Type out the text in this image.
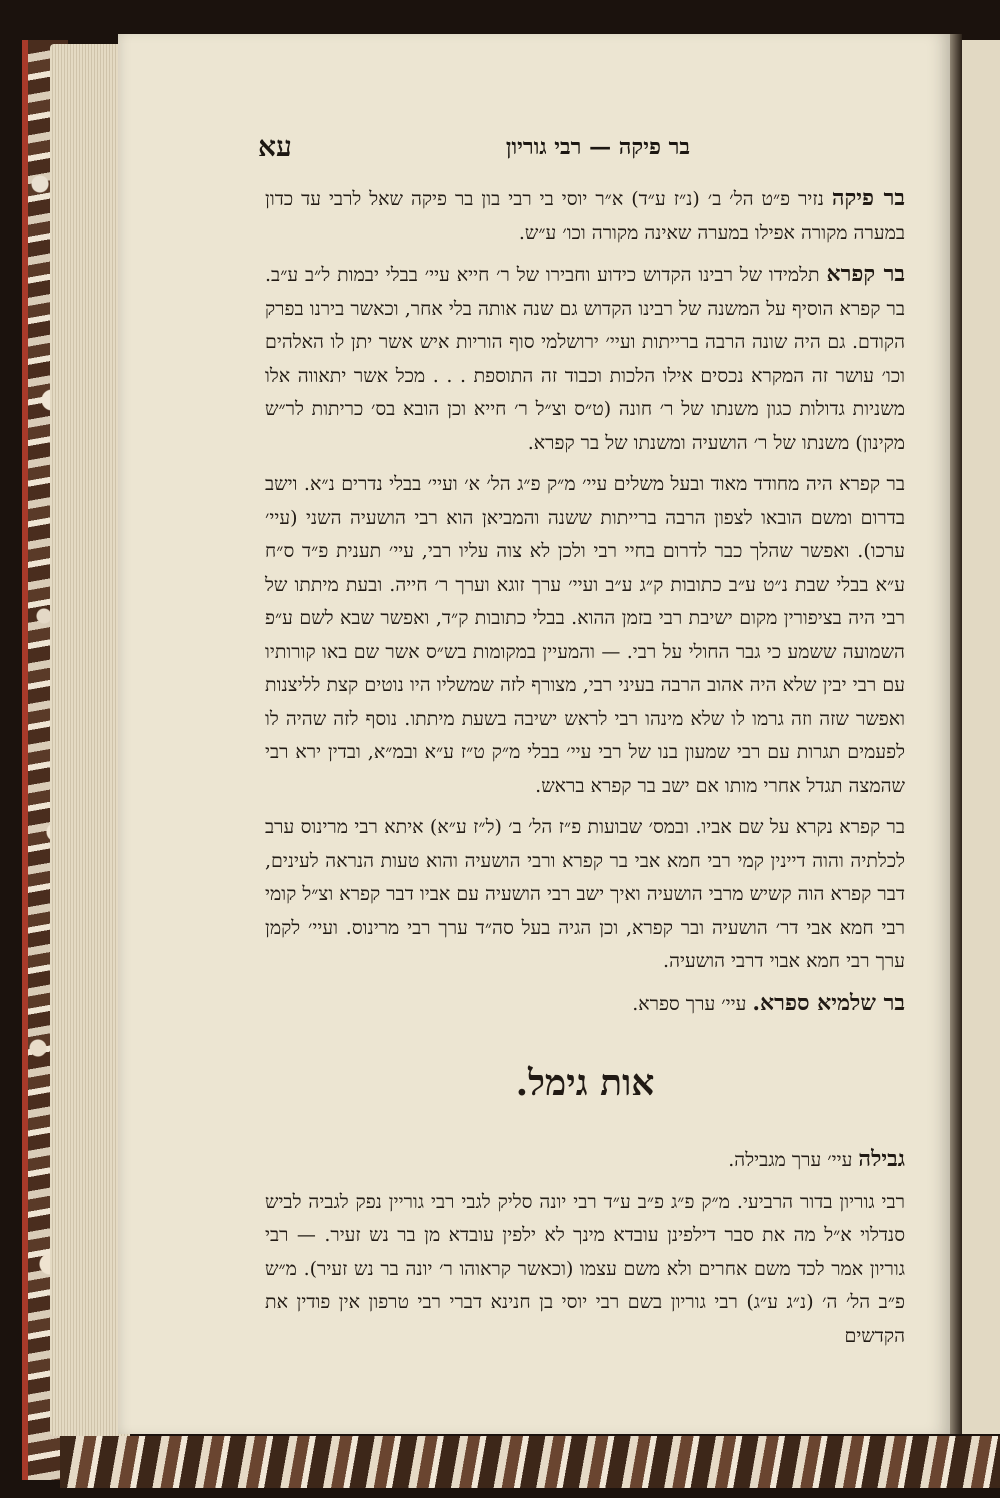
בר פיקה — רבי גוריון
עא

בר פיקה נזיר פ״ט הל׳ ב׳ (נ״ז ע״ד) א״ר יוסי בי רבי בון בר פיקה שאל לרבי עד כדון במערה מקורה אפילו במערה שאינה מקורה וכו׳ ע״ש.

בר קפרא תלמידו של רבינו הקדוש כידוע וחבירו של ר׳ חייא עיי׳ בבלי יבמות ל״ב ע״ב. בר קפרא הוסיף על המשנה של רבינו הקדוש גם שנה אותה בלי אחר, וכאשר בירנו בפרק הקודם. גם היה שונה הרבה ברייתות ועיי׳ ירושלמי סוף הוריות איש אשר יתן לו האלהים וכו׳ עושר זה המקרא נכסים אילו הלכות וכבוד זה התוספת . . . מכל אשר יתאווה אלו משניות גדולות כגון משנתו של ר׳ חונה (ט״ס וצ״ל ר׳ חייא וכן הובא בס׳ כריתות לר״ש מקינון) משנתו של ר׳ הושעיה ומשנתו של בר קפרא.

בר קפרא היה מחודד מאוד ובעל משלים עיי׳ מ״ק פ״ג הל׳ א׳ ועיי׳ בבלי נדרים נ״א. וישב בדרום ומשם הובאו לצפון הרבה ברייתות ששנה והמביאן הוא רבי הושעיה השני (עיי׳ ערכו). ואפשר שהלך כבר לדרום בחיי רבי ולכן לא צוה עליו רבי, עיי׳ תענית פ״ד ס״ח ע״א בבלי שבת נ״ט ע״ב כתובות ק״ג ע״ב ועיי׳ ערך זוגא וערך ר׳ חייה. ובעת מיתתו של רבי היה בציפורין מקום ישיבת רבי בזמן ההוא. בבלי כתובות ק״ד, ואפשר שבא לשם ע״פ השמועה ששמע כי גבר החולי על רבי. — והמעיין במקומות בש״ס אשר שם באו קורותיו עם רבי יבין שלא היה אהוב הרבה בעיני רבי, מצורף לזה שמשליו היו נוטים קצת לליצנות ואפשר שזה וזה גרמו לו שלא מינהו רבי לראש ישיבה בשעת מיתתו. נוסף לזה שהיה לו לפעמים תגרות עם רבי שמעון בנו של רבי עיי׳ בבלי מ״ק ט״ז ע״א ובמ״א, ובדין ירא רבי שהמצה תגדל אחרי מותו אם ישב בר קפרא בראש.

בר קפרא נקרא על שם אביו. ובמס׳ שבועות פ״ז הל׳ ב׳ (ל״ז ע״א) איתא רבי מרינוס ערב לכלתיה והוה דיינין קמי רבי חמא אבי בר קפרא ורבי הושעיה והוא טעות הנראה לעינים, דבר קפרא הוה קשיש מרבי הושעיה ואיך ישב רבי הושעיה עם אביו דבר קפרא וצ״ל קומי רבי חמא אבי דר׳ הושעיה ובר קפרא, וכן הגיה בעל סה״ד ערך רבי מרינוס. ועיי׳ לקמן ערך רבי חמא אבוי דרבי הושעיה.

בר שלמיא ספרא. עיי׳ ערך ספרא.

אות גימל.

גבילה עיי׳ ערך מגבילה.

רבי גוריון בדור הרביעי. מ״ק פ״ג פ״ב ע״ד רבי יונה סליק לגבי רבי גוריין נפק לגביה לביש סנדלוי א״ל מה את סבר דילפינן עובדא מינך לא ילפין עובדא מן בר נש זעיר. — רבי גוריון אמר לכד משם אחרים ולא משם עצמו (וכאשר קראוהו ר׳ יונה בר נש זעיר). מ״ש פ״ב הל׳ ה׳ (נ״ג ע״ג) רבי גוריון בשם רבי יוסי בן חנינא דברי רבי טרפון אין פודין את הקדשים
